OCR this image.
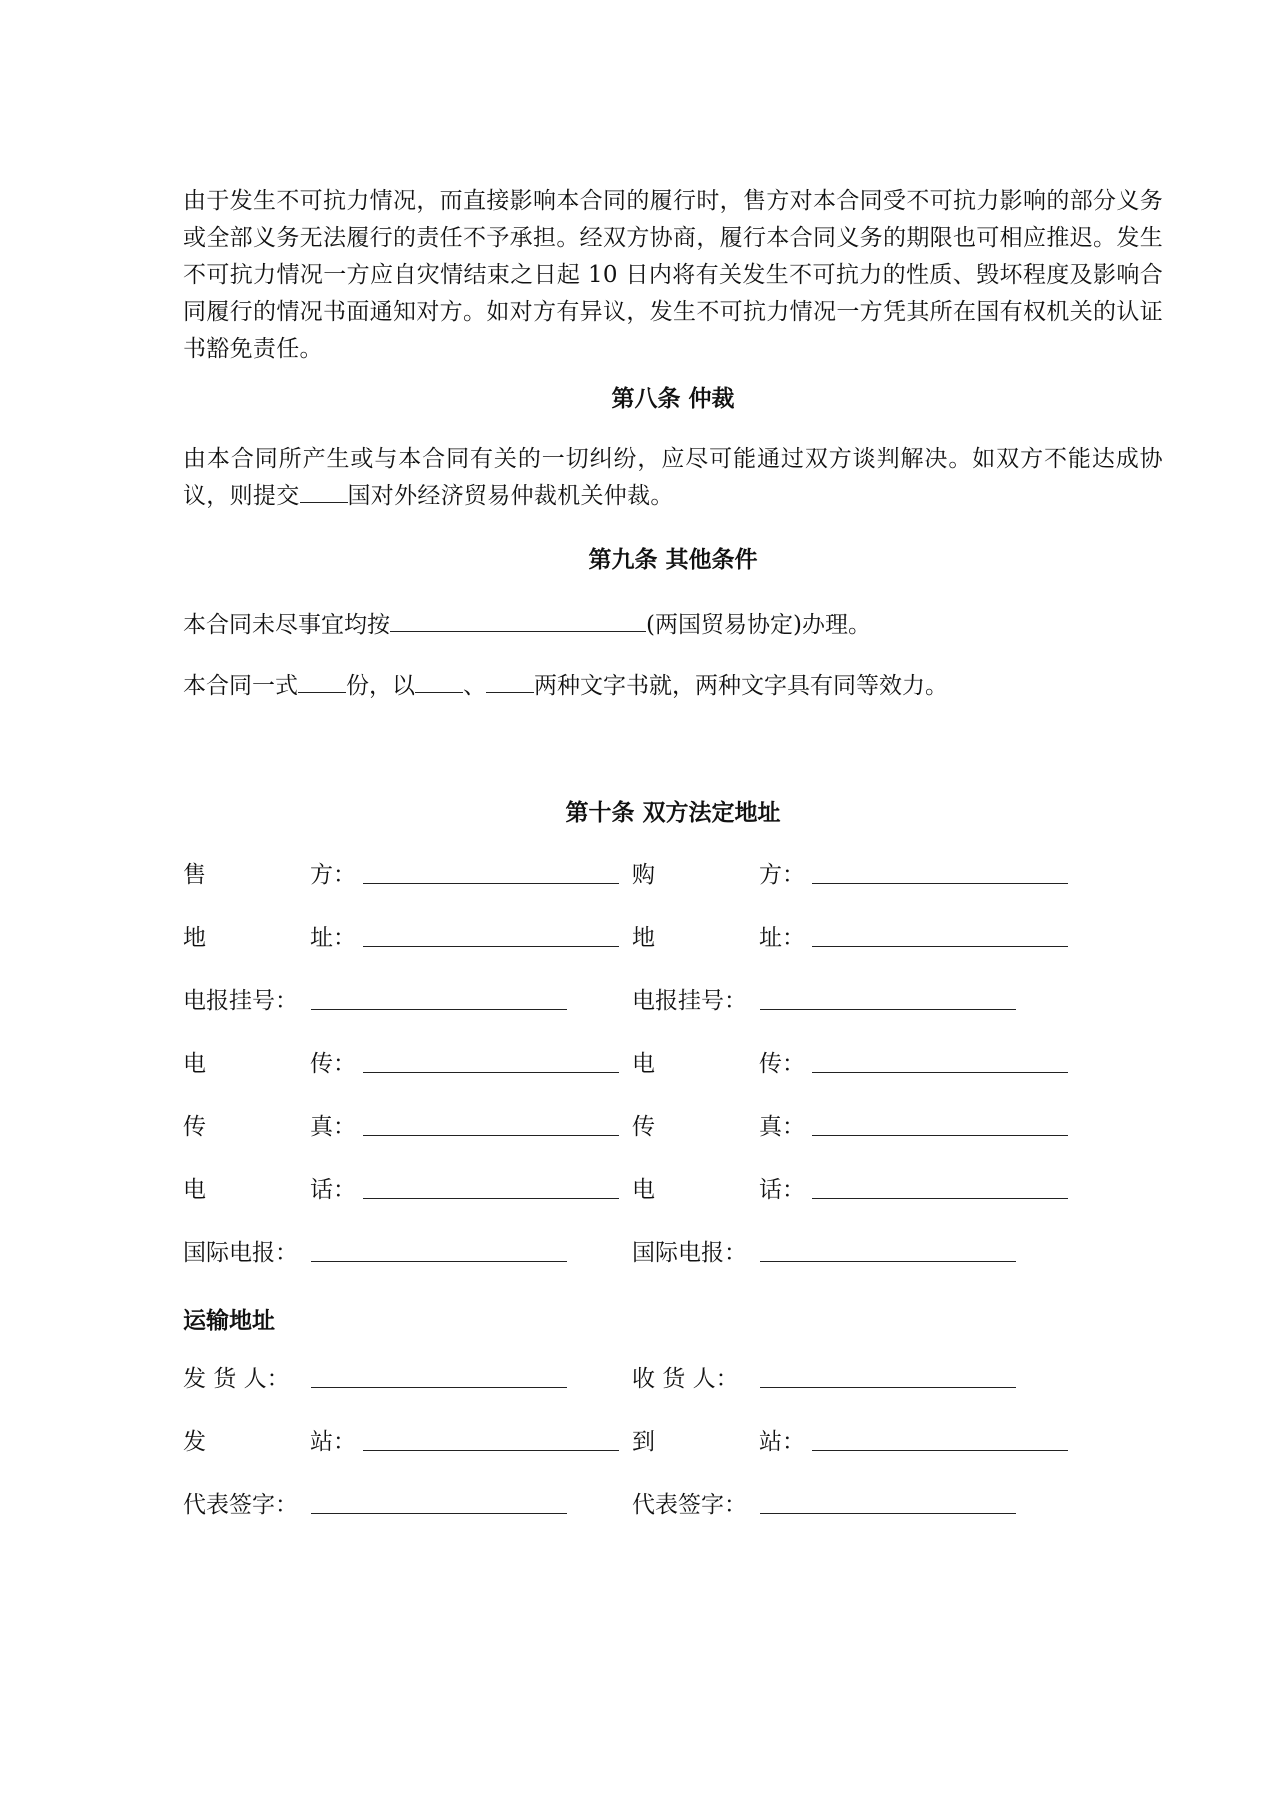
由于发生不可抗力情况，而直接影响本合同的履行时，售方对本合同受不可抗力影响的部分义务或全部义务无法履行的责任不予承担。经双方协商，履行本合同义务的期限也可相应推迟。发生不可抗力情况一方应自灾情结束之日起 10 日内将有关发生不可抗力的性质、毁坏程度及影响合同履行的情况书面通知对方。如对方有异议，发生不可抗力情况一方凭其所在国有权机关的认证书豁免责任。
第八条 仲裁
由本合同所产生或与本合同有关的一切纠纷，应尽可能通过双方谈判解决。如双方不能达成协议，则提交 国对外经济贸易仲裁机关仲裁。
第九条 其他条件
本合同未尽事宜均按	(两国贸易协定)办理。
本合同一式 份，以 、 两种文字书就，两种文字具有同等效力。
第十条 双方法定地址
售	方：	购	方：
地	址：	地	址：
电报挂号：	电报挂号：
电	传：	电	传：
传	真：	传	真：
电	话：	电	话：
国际电报：	国际电报：
运输地址
发 货 人：	收 货 人：
发	站：	到	站：
代表签字：	代表签字：
